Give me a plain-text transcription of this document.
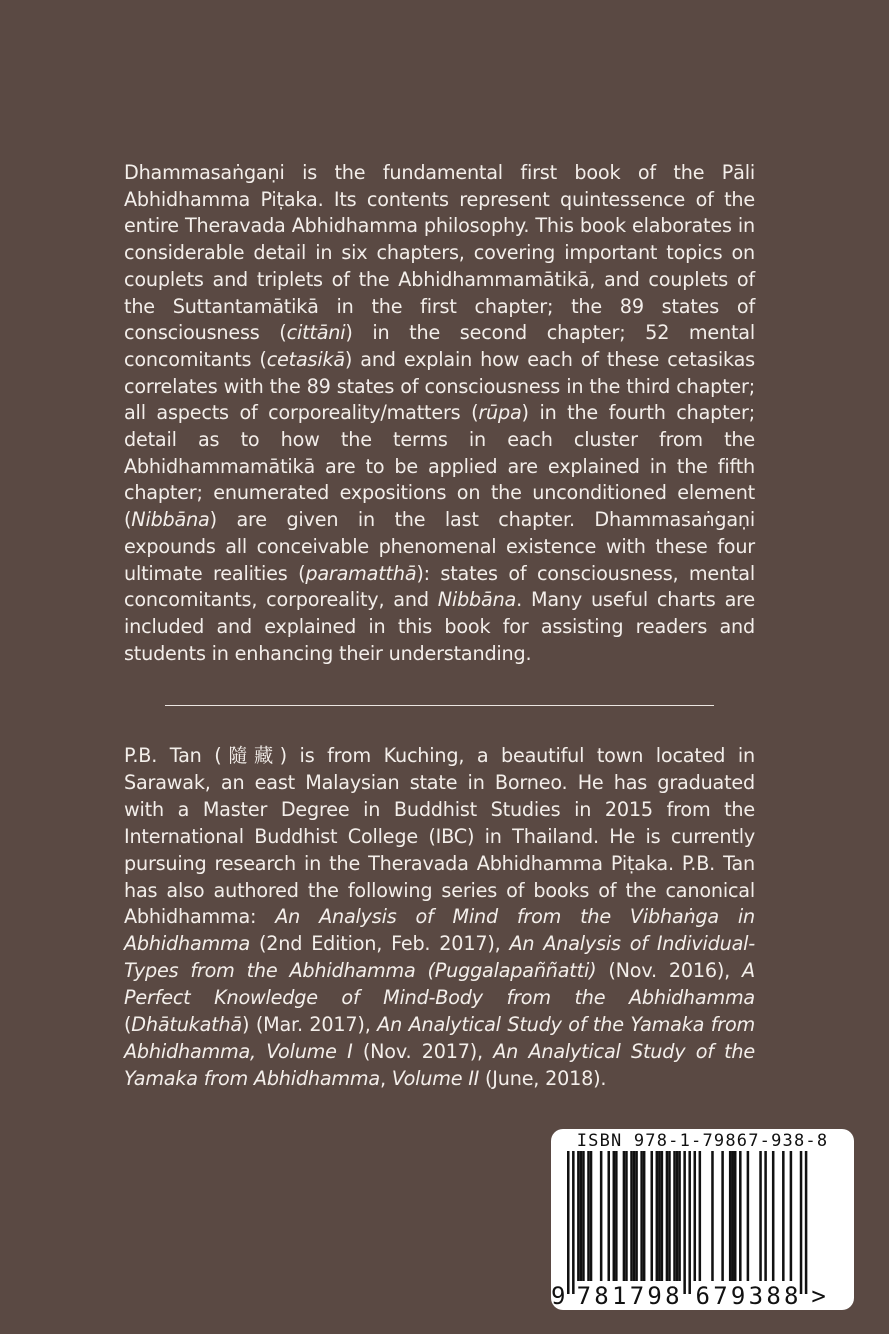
Dhammasaṅgaṇi is the fundamental first book of the Pāli Abhidhamma Piṭaka. Its contents represent quintessence of the entire Theravada Abhidhamma philosophy. This book elaborates in considerable detail in six chapters, covering important topics on couplets and triplets of the Abhidhammamātikā, and couplets of the Suttantamātikā in the first chapter; the 89 states of consciousness (cittāni) in the second chapter; 52 mental concomitants (cetasikā) and explain how each of these cetasikas correlates with the 89 states of consciousness in the third chapter; all aspects of corporeality/matters (rūpa) in the fourth chapter; detail as to how the terms in each cluster from the Abhidhammamātikā are to be applied are explained in the fifth chapter; enumerated expositions on the unconditioned element (Nibbāna) are given in the last chapter. Dhammasaṅgaṇi expounds all conceivable phenomenal existence with these four ultimate realities (paramatthā): states of consciousness, mental concomitants, corporeality, and Nibbāna. Many useful charts are included and explained in this book for assisting readers and students in enhancing their understanding.

P.B. Tan (隨藏) is from Kuching, a beautiful town located in Sarawak, an east Malaysian state in Borneo. He has graduated with a Master Degree in Buddhist Studies in 2015 from the International Buddhist College (IBC) in Thailand. He is currently pursuing research in the Theravada Abhidhamma Piṭaka. P.B. Tan has also authored the following series of books of the canonical Abhidhamma: An Analysis of Mind from the Vibhaṅga in Abhidhamma (2nd Edition, Feb. 2017), An Analysis of Individual-Types from the Abhidhamma (Puggalapaññatti) (Nov. 2016), A Perfect Knowledge of Mind-Body from the Abhidhamma (Dhātukathā) (Mar. 2017), An Analytical Study of the Yamaka from Abhidhamma, Volume I (Nov. 2017), An Analytical Study of the Yamaka from Abhidhamma, Volume II (June, 2018).

ISBN 978-1-79867-938-8
9 7 8 1 7 9 8 6 7 9 3 8 8 >
